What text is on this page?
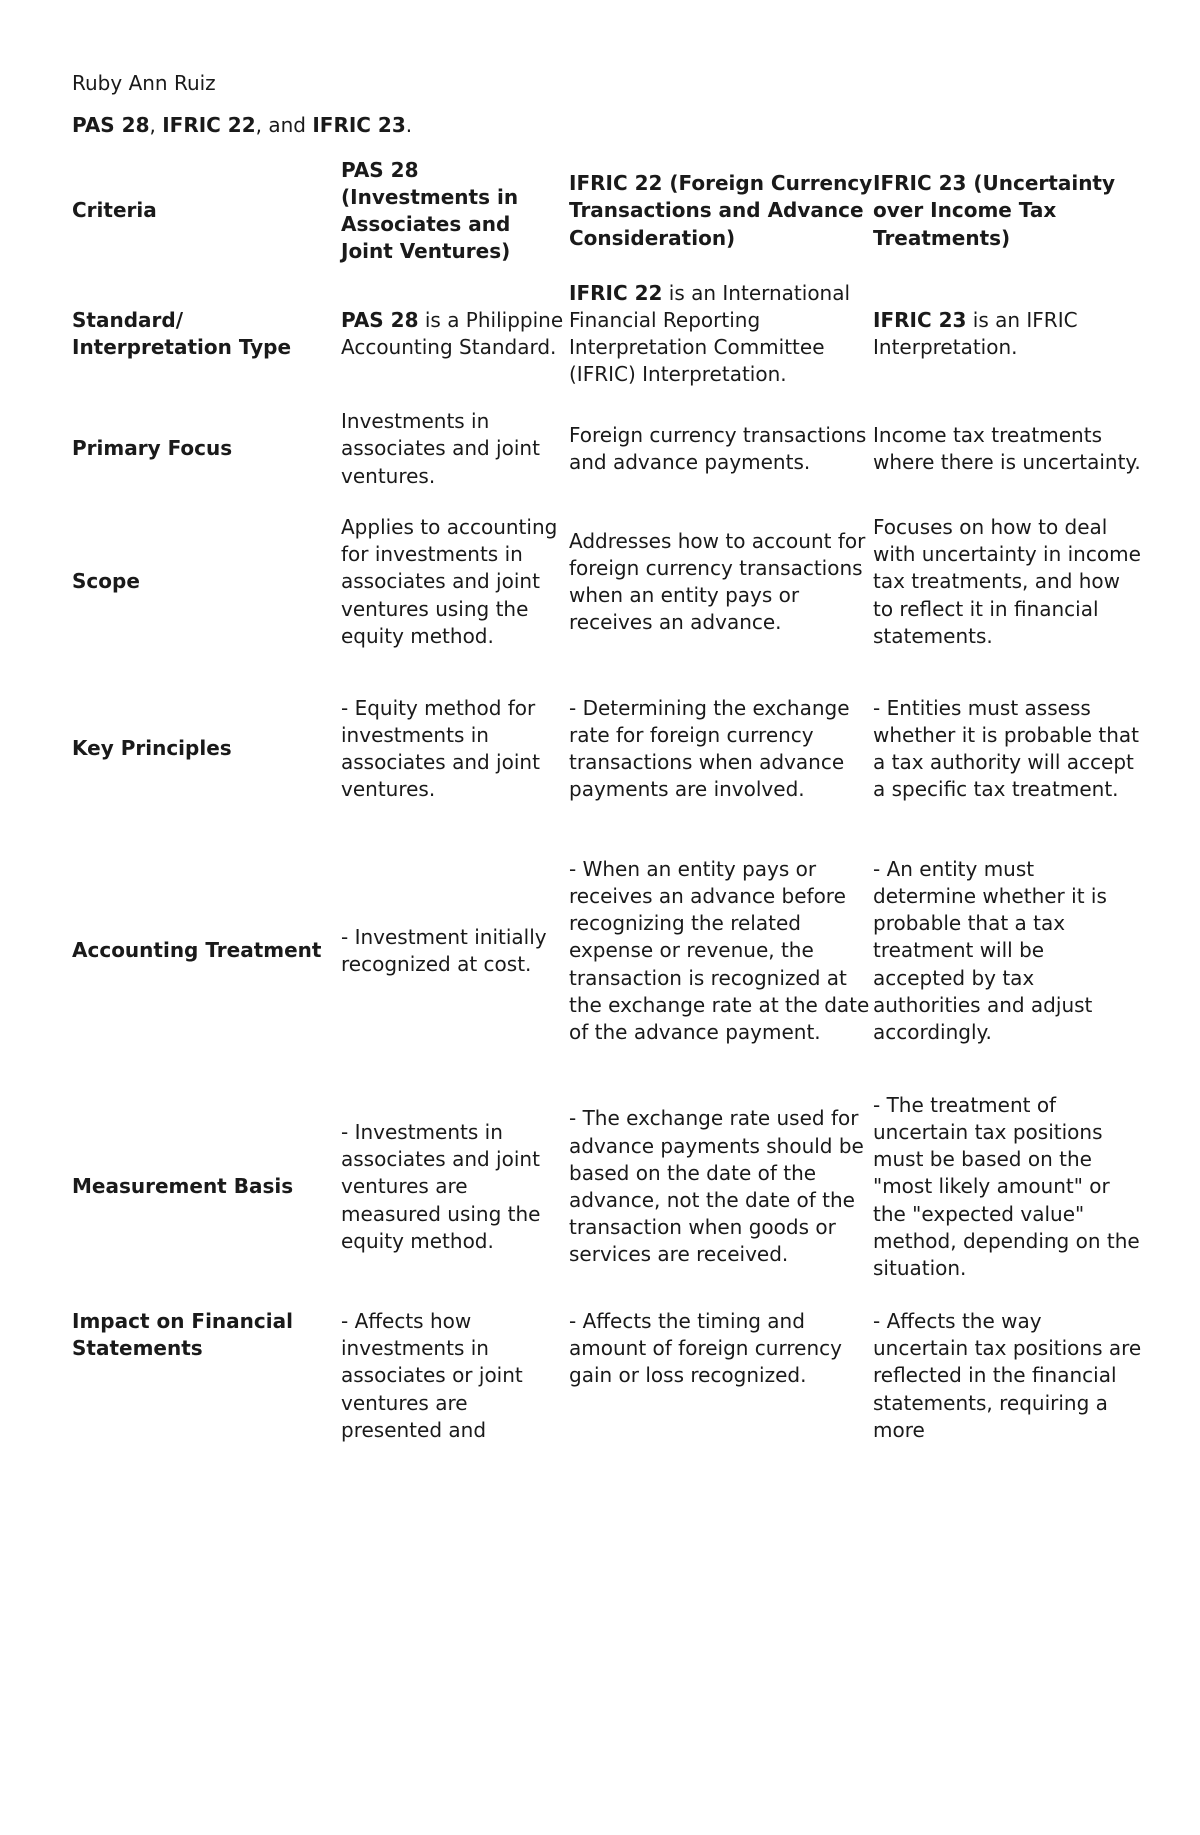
Ruby Ann Ruiz
PAS 28, IFRIC 22, and IFRIC 23.
Criteria	PAS 28 (Investments in Associates and Joint Ventures)	IFRIC 22 (Foreign Currency Transactions and Advance Consideration)	IFRIC 23 (Uncertainty over Income Tax Treatments)
Standard/ Interpretation Type	PAS 28 is a Philippine Accounting Standard.	IFRIC 22 is an International Financial Reporting Interpretation Committee (IFRIC) Interpretation.	IFRIC 23 is an IFRIC Interpretation.
Primary Focus	Investments in associates and joint ventures.	Foreign currency transactions and advance payments.	Income tax treatments where there is uncertainty.
Scope	Applies to accounting for investments in associates and joint ventures using the equity method.	Addresses how to account for foreign currency transactions when an entity pays or receives an advance.	Focuses on how to deal with uncertainty in income tax treatments, and how to reflect it in financial statements.
Key Principles	- Equity method for investments in associates and joint ventures.	- Determining the exchange rate for foreign currency transactions when advance payments are involved.	- Entities must assess whether it is probable that a tax authority will accept a specific tax treatment.
Accounting Treatment	- Investment initially recognized at cost.	- When an entity pays or receives an advance before recognizing the related expense or revenue, the transaction is recognized at the exchange rate at the date of the advance payment.	- An entity must determine whether it is probable that a tax treatment will be accepted by tax authorities and adjust accordingly.
Measurement Basis	- Investments in associates and joint ventures are measured using the equity method.	- The exchange rate used for advance payments should be based on the date of the advance, not the date of the transaction when goods or services are received.	- The treatment of uncertain tax positions must be based on the "most likely amount" or the "expected value" method, depending on the situation.
Impact on Financial Statements	- Affects how investments in associates or joint ventures are presented and	- Affects the timing and amount of foreign currency gain or loss recognized.	- Affects the way uncertain tax positions are reflected in the financial statements, requiring a more
